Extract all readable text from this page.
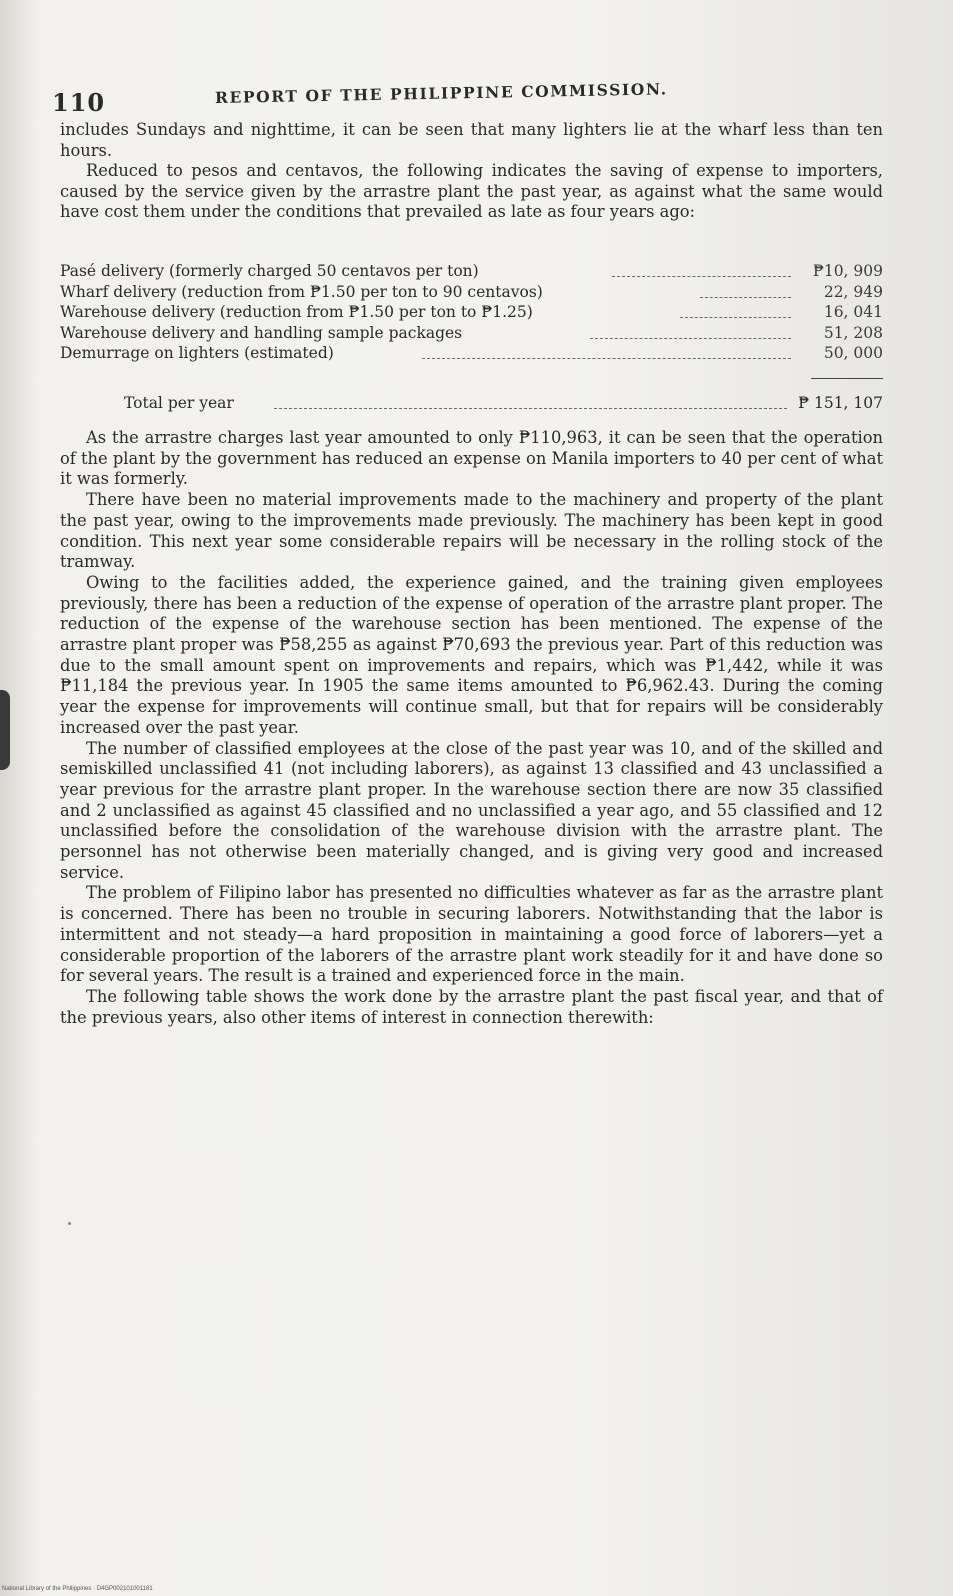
110	REPORT OF THE PHILIPPINE COMMISSION.

includes Sundays and nighttime, it can be seen that many lighters lie at the wharf less than ten hours.

Reduced to pesos and centavos, the following indicates the saving of expense to importers, caused by the service given by the arrastre plant the past year, as against what the same would have cost them under the conditions that prevailed as late as four years ago:

Pasé delivery (formerly charged 50 centavos per ton)	₱10, 909
Wharf delivery (reduction from ₱1.50 per ton to 90 centavos)	22, 949
Warehouse delivery (reduction from ₱1.50 per ton to ₱1.25)	16, 041
Warehouse delivery and handling sample packages	51, 208
Demurrage on lighters (estimated)	50, 000
Total per year	₱ 151, 107

As the arrastre charges last year amounted to only ₱110,963, it can be seen that the operation of the plant by the government has reduced an expense on Manila importers to 40 per cent of what it was formerly.

There have been no material improvements made to the machinery and property of the plant the past year, owing to the improvements made previously. The machinery has been kept in good condition. This next year some considerable repairs will be necessary in the rolling stock of the tramway.

Owing to the facilities added, the experience gained, and the training given employees previously, there has been a reduction of the expense of operation of the arrastre plant proper. The reduction of the expense of the warehouse section has been mentioned. The expense of the arrastre plant proper was ₱58,255 as against ₱70,693 the previous year. Part of this reduction was due to the small amount spent on improvements and repairs, which was ₱1,442, while it was ₱11,184 the previous year. In 1905 the same items amounted to ₱6,962.43. During the coming year the expense for improvements will continue small, but that for repairs will be considerably increased over the past year.

The number of classified employees at the close of the past year was 10, and of the skilled and semiskilled unclassified 41 (not including laborers), as against 13 classified and 43 unclassified a year previous for the arrastre plant proper. In the warehouse section there are now 35 classified and 2 unclassified as against 45 classified and no unclassified a year ago, and 55 classified and 12 unclassified before the consolidation of the warehouse division with the arrastre plant. The personnel has not otherwise been materially changed, and is giving very good and increased service.

The problem of Filipino labor has presented no difficulties whatever as far as the arrastre plant is concerned. There has been no trouble in securing laborers. Notwithstanding that the labor is intermittent and not steady—a hard proposition in maintaining a good force of laborers—yet a considerable proportion of the laborers of the arrastre plant work steadily for it and have done so for several years. The result is a trained and experienced force in the main.

The following table shows the work done by the arrastre plant the past fiscal year, and that of the previous years, also other items of interest in connection therewith:

National Library of the Philippines · D4GP002101001181
